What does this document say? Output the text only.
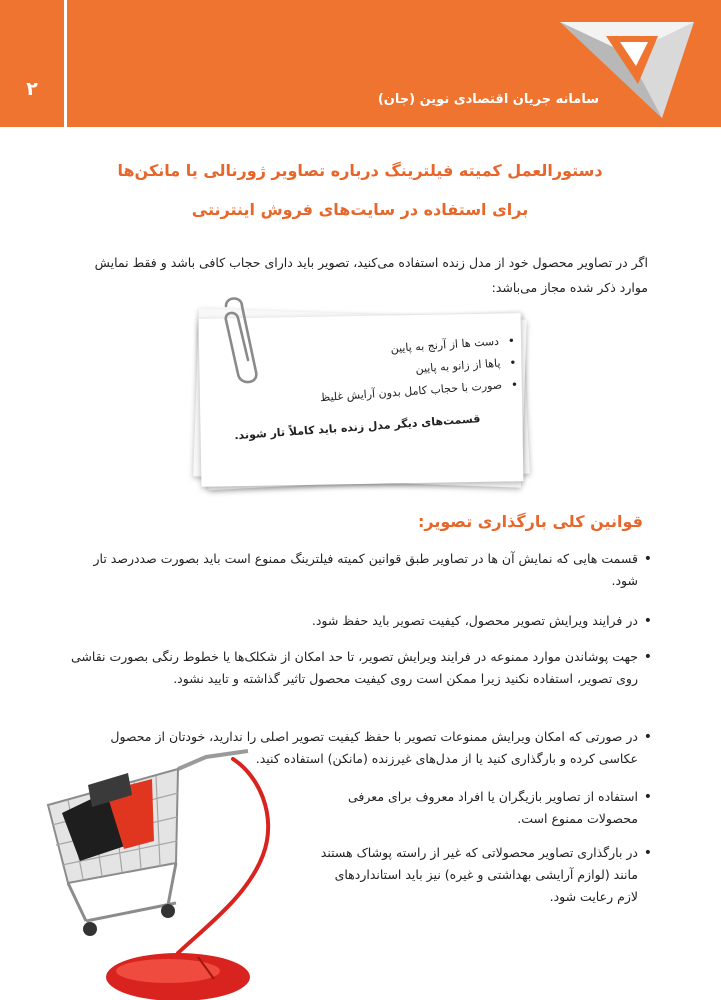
۲	سامانه جریان اقتصادی نوین (جان)
دستورالعمل کمیته فیلترینگ درباره تصاویر ژورنالی یا مانکن‌ها
برای استفاده در سایت‌های فروش اینترنتی
اگر در تصاویر محصول خود از مدل زنده استفاده می‌کنید، تصویر باید دارای حجاب کافی باشد و فقط نمایش موارد ذکر شده مجاز می‌باشد:
•
دست ها از آرنج به پایین
•
پاها از زانو به پایین
•
صورت با حجاب کامل بدون آرایش غلیظ
قسمت‌های دیگر مدل زنده باید کاملاً تار شوند.
قوانین کلی بارگذاری تصویر:
•
قسمت هایی که نمایش آن ها در تصاویر طبق قوانین کمیته فیلترینگ ممنوع است باید بصورت صددرصد تار شود.
•
در فرایند ویرایش تصویر محصول، کیفیت تصویر باید حفظ شود.
•
جهت پوشاندن موارد ممنوعه در فرایند ویرایش تصویر، تا حد امکان از شکلک‌ها یا خطوط رنگی بصورت نقاشی روی تصویر، استفاده نکنید زیرا ممکن است روی کیفیت محصول تاثیر گذاشته و تایید نشود.
•
در صورتی که امکان ویرایش ممنوعات تصویر با حفظ کیفیت تصویر اصلی را ندارید، خودتان از محصول عکاسی کرده و بارگذاری کنید یا از مدل‌های غیرزنده (مانکن) استفاده کنید.
•
استفاده از تصاویر بازیگران یا افراد معروف برای معرفی محصولات ممنوع است.
•
در بارگذاری تصاویر محصولاتی که غیر از راسته پوشاک هستند مانند (لوازم آرایشی بهداشتی و غیره) نیز باید استانداردهای لازم رعایت شود.
